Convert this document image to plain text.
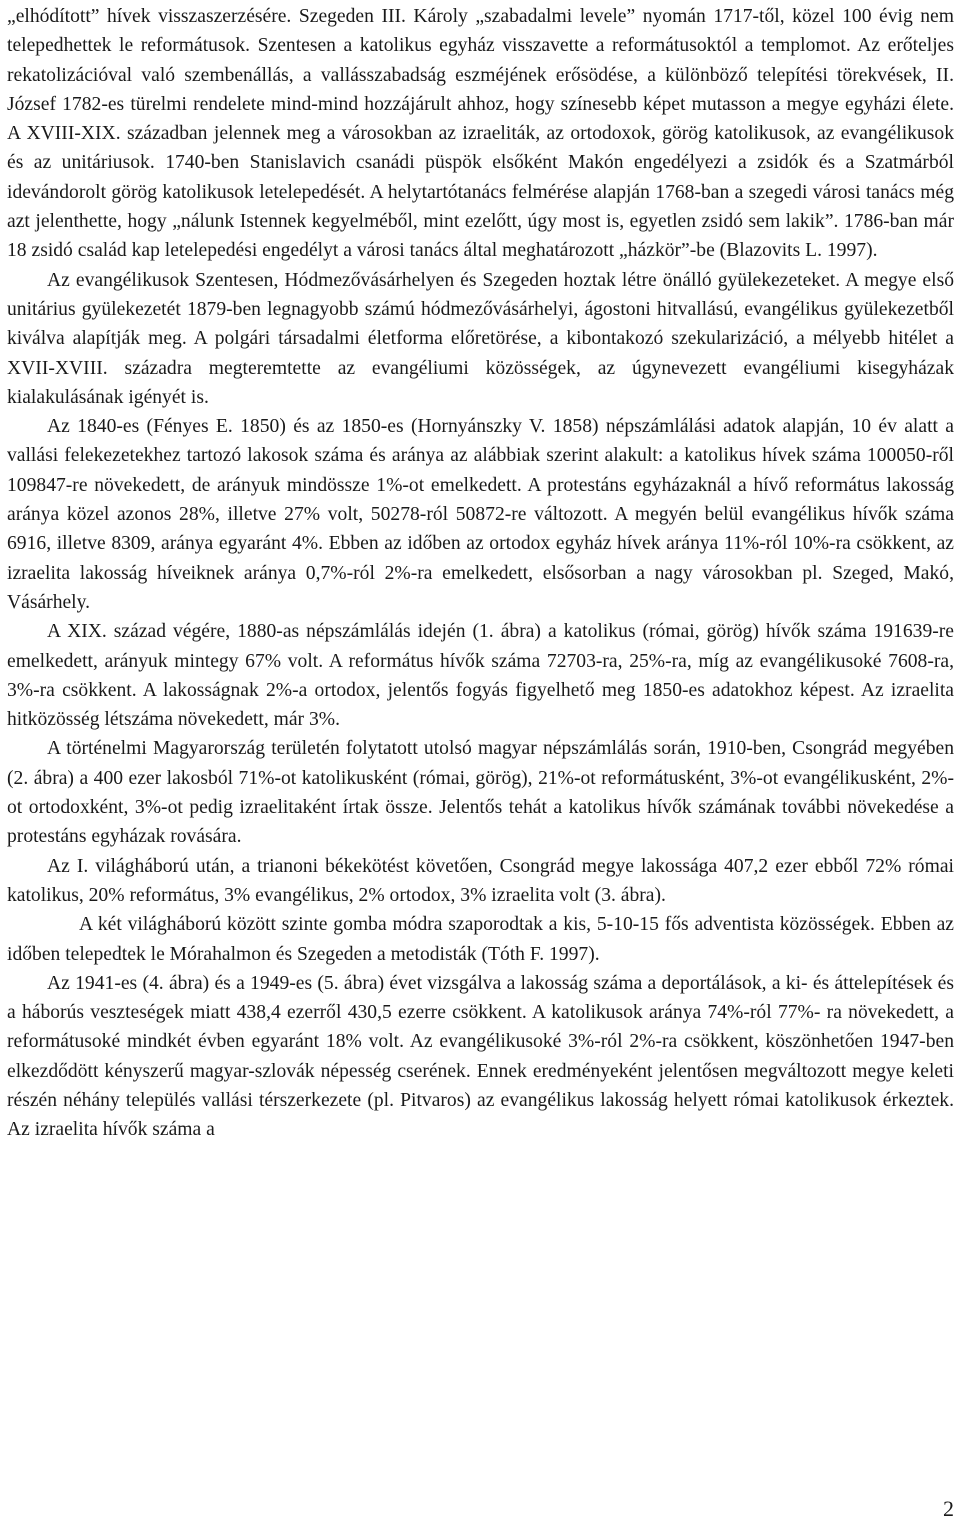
„elhódított” hívek visszaszerzésére. Szegeden III. Károly „szabadalmi levele” nyomán 1717-től, közel 100 évig nem telepedhettek le reformátusok. Szentesen a katolikus egyház visszavette a reformátusoktól a templomot. Az erőteljes rekatolizációval való szembenállás, a vallásszabadság eszméjének erősödése, a különböző telepítési törekvések, II. József 1782-es türelmi rendelete mind-mind hozzájárult ahhoz, hogy színesebb képet mutasson a megye egyházi élete. A XVIII-XIX. században jelennek meg a városokban az izraeliták, az ortodoxok, görög katolikusok, az evangélikusok és az unitáriusok. 1740-ben Stanislavich csanádi püspök elsőként Makón engedélyezi a zsidók és a Szatmárból idevándorolt görög katolikusok letelepedését. A helytartótanács felmérése alapján 1768-ban a szegedi városi tanács még azt jelenthette, hogy „nálunk Istennek kegyelméből, mint ezelőtt, úgy most is, egyetlen zsidó sem lakik”. 1786-ban már 18 zsidó család kap letelepedési engedélyt a városi tanács által meghatározott „házkör”-be (Blazovits L. 1997).

Az evangélikusok Szentesen, Hódmezővásárhelyen és Szegeden hoztak létre önálló gyülekezeteket. A megye első unitárius gyülekezetét 1879-ben legnagyobb számú hódmezővásárhelyi, ágostoni hitvallású, evangélikus gyülekezetből kiválva alapítják meg. A polgári társadalmi életforma előretörése, a kibontakozó szekularizáció, a mélyebb hitélet a XVII-XVIII. századra megteremtette az evangéliumi közösségek, az úgynevezett evangéliumi kisegyházak kialakulásának igényét is.

Az 1840-es (Fényes E. 1850) és az 1850-es (Hornyánszky V. 1858) népszámlálási adatok alapján, 10 év alatt a vallási felekezetekhez tartozó lakosok száma és aránya az alábbiak szerint alakult: a katolikus hívek száma 100050-ről 109847-re növekedett, de arányuk mindössze 1%-ot emelkedett. A protestáns egyházaknál a hívő református lakosság aránya közel azonos 28%, illetve 27% volt, 50278-ról 50872-re változott. A megyén belül evangélikus hívők száma 6916, illetve 8309, aránya egyaránt 4%. Ebben az időben az ortodox egyház hívek aránya 11%-ról 10%-ra csökkent, az izraelita lakosság híveiknek aránya 0,7%-ról 2%-ra emelkedett, elsősorban a nagy városokban pl. Szeged, Makó, Vásárhely.

A XIX. század végére, 1880-as népszámlálás idején (1. ábra) a katolikus (római, görög) hívők száma 191639-re emelkedett, arányuk mintegy 67% volt. A református hívők száma 72703-ra, 25%-ra, míg az evangélikusoké 7608-ra, 3%-ra csökkent. A lakosságnak 2%-a ortodox, jelentős fogyás figyelhető meg 1850-es adatokhoz képest. Az izraelita hitközösség létszáma növekedett, már 3%.

A történelmi Magyarország területén folytatott utolsó magyar népszámlálás során, 1910-ben, Csongrád megyében (2. ábra) a 400 ezer lakosból 71%-ot katolikusként (római, görög), 21%-ot reformátusként, 3%-ot evangélikusként, 2%-ot ortodoxként, 3%-ot pedig izraelitaként írtak össze. Jelentős tehát a katolikus hívők számának további növekedése a protestáns egyházak rovására.

Az I. világháború után, a trianoni békekötést követően, Csongrád megye lakossága 407,2 ezer ebből 72% római katolikus, 20% református, 3% evangélikus, 2% ortodox, 3% izraelita volt (3. ábra).

A két világháború között szinte gomba módra szaporodtak a kis, 5-10-15 fős adventista közösségek. Ebben az időben telepedtek le Mórahalmon és Szegeden a metodisták (Tóth F. 1997).

Az 1941-es (4. ábra) és a 1949-es (5. ábra) évet vizsgálva a lakosság száma a deportálások, a ki- és áttelepítések és a háborús veszteségek miatt 438,4 ezerről 430,5 ezerre csökkent. A katolikusok aránya 74%-ról 77%- ra növekedett, a reformátusoké mindkét évben egyaránt 18% volt. Az evangélikusoké 3%-ról 2%-ra csökkent, köszönhetően 1947-ben elkezdődött kényszerű magyar-szlovák népesség cserének. Ennek eredményeként jelentősen megváltozott megye keleti részén néhány település vallási térszerkezete (pl. Pitvaros) az evangélikus lakosság helyett római katolikusok érkeztek. Az izraelita hívők száma a

2
